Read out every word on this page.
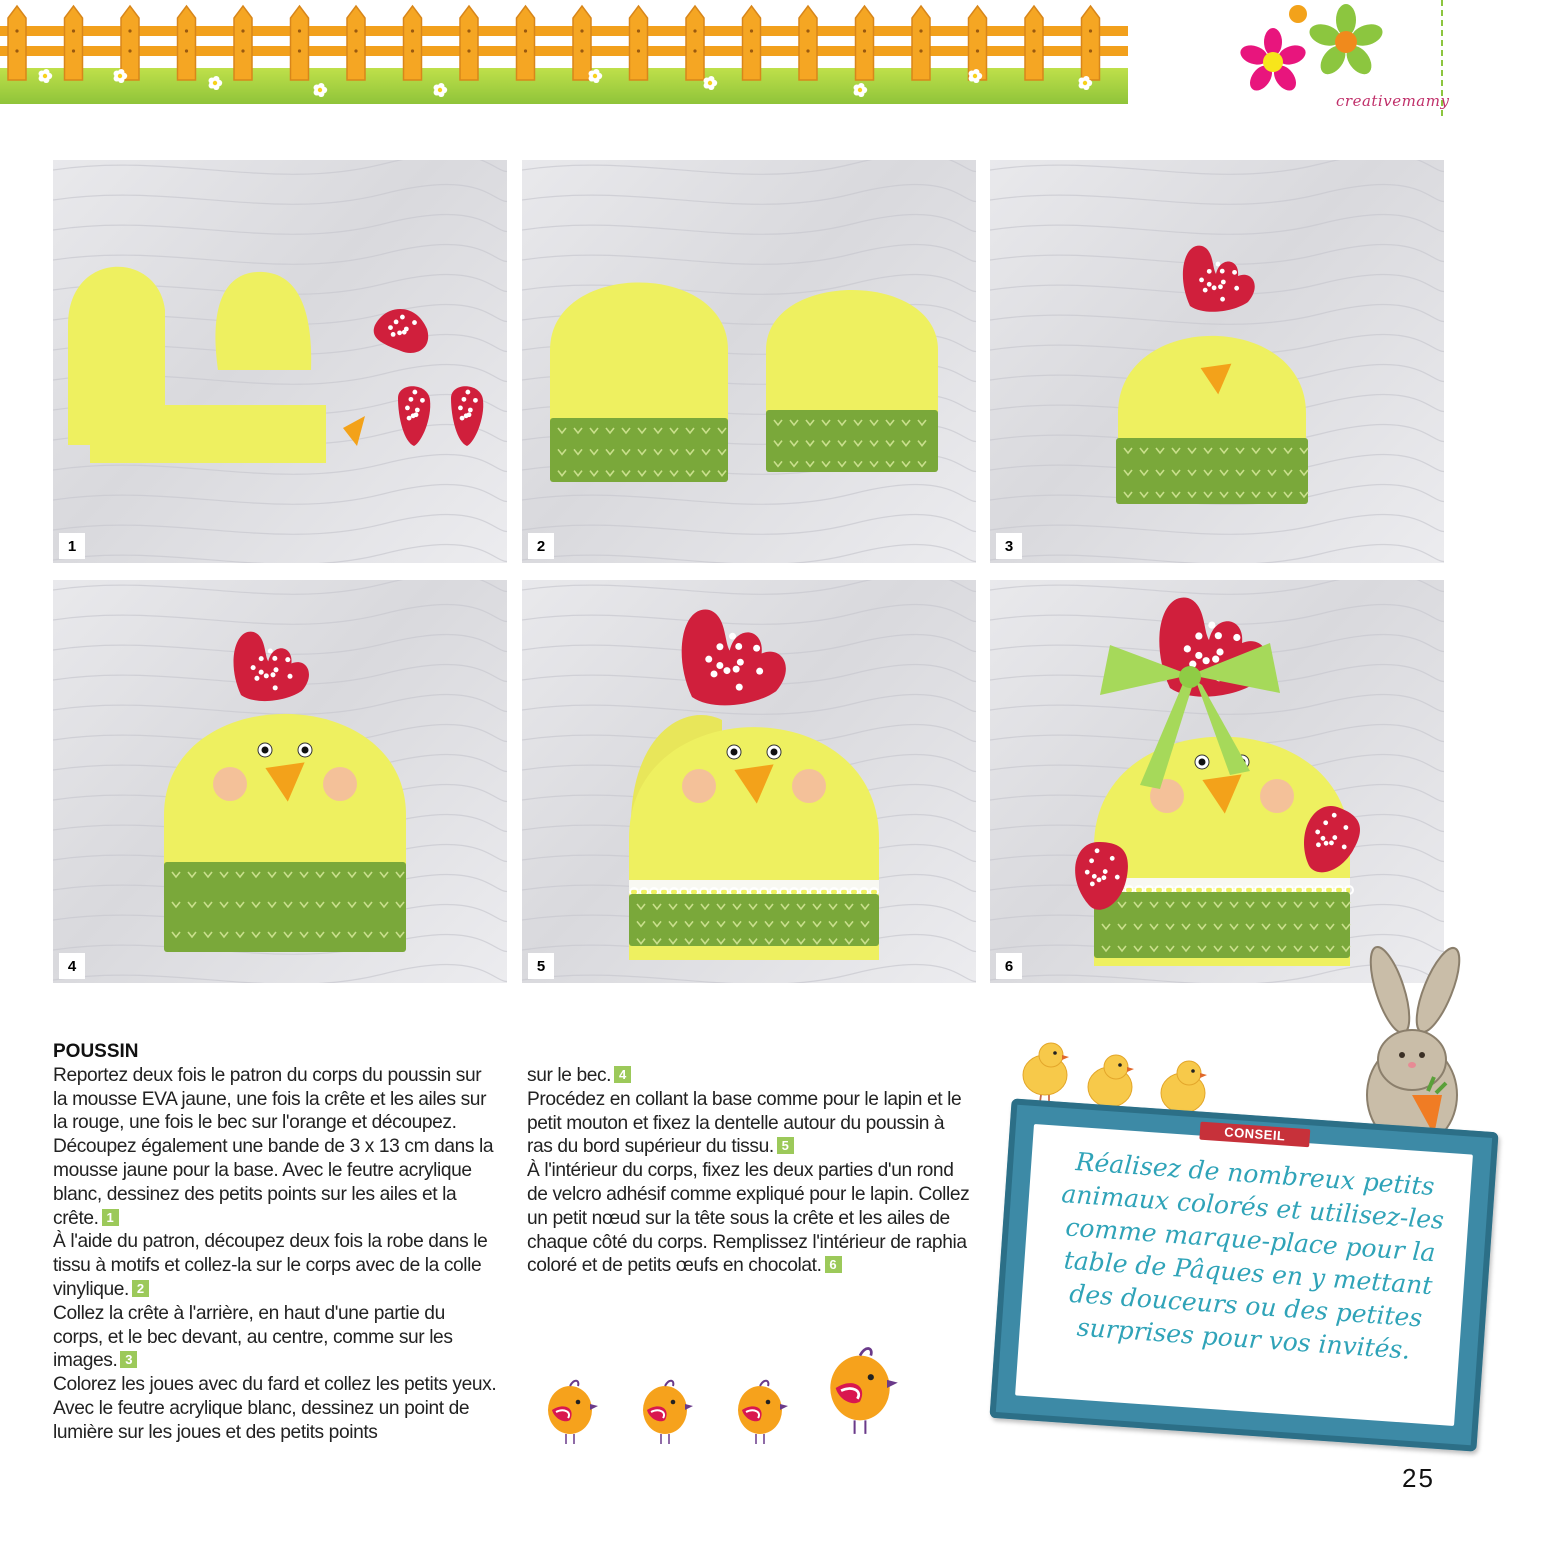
creativemamy
1	2	3
4	5	6

POUSSIN

Reportez deux fois le patron du corps du poussin sur la mousse EVA jaune, une fois la crête et les ailes sur la rouge, une fois le bec sur l'orange et découpez. Découpez également une bande de 3 x 13 cm dans la mousse jaune pour la base. Avec le feutre acrylique blanc, dessinez des petits points sur les ailes et la crête. 1

À l'aide du patron, découpez deux fois la robe dans le tissu à motifs et collez-la sur le corps avec de la colle vinylique. 2

Collez la crête à l'arrière, en haut d'une partie du corps, et le bec devant, au centre, comme sur les images. 3

Colorez les joues avec du fard et collez les petits yeux. Avec le feutre acrylique blanc, dessinez un point de lumière sur les joues et des petits points

sur le bec. 4

Procédez en collant la base comme pour le lapin et le petit mouton et fixez la dentelle autour du poussin à ras du bord supérieur du tissu. 5

À l'intérieur du corps, fixez les deux parties d'un rond de velcro adhésif comme expliqué pour le lapin. Collez un petit nœud sur la tête sous la crête et les ailes de chaque côté du corps. Remplissez l'intérieur de raphia coloré et de petits œufs en chocolat. 6

CONSEIL
Réalisez de nombreux petits animaux colorés et utilisez-les comme marque-place pour la table de Pâques en y mettant des douceurs ou des petites surprises pour vos invités.
25
